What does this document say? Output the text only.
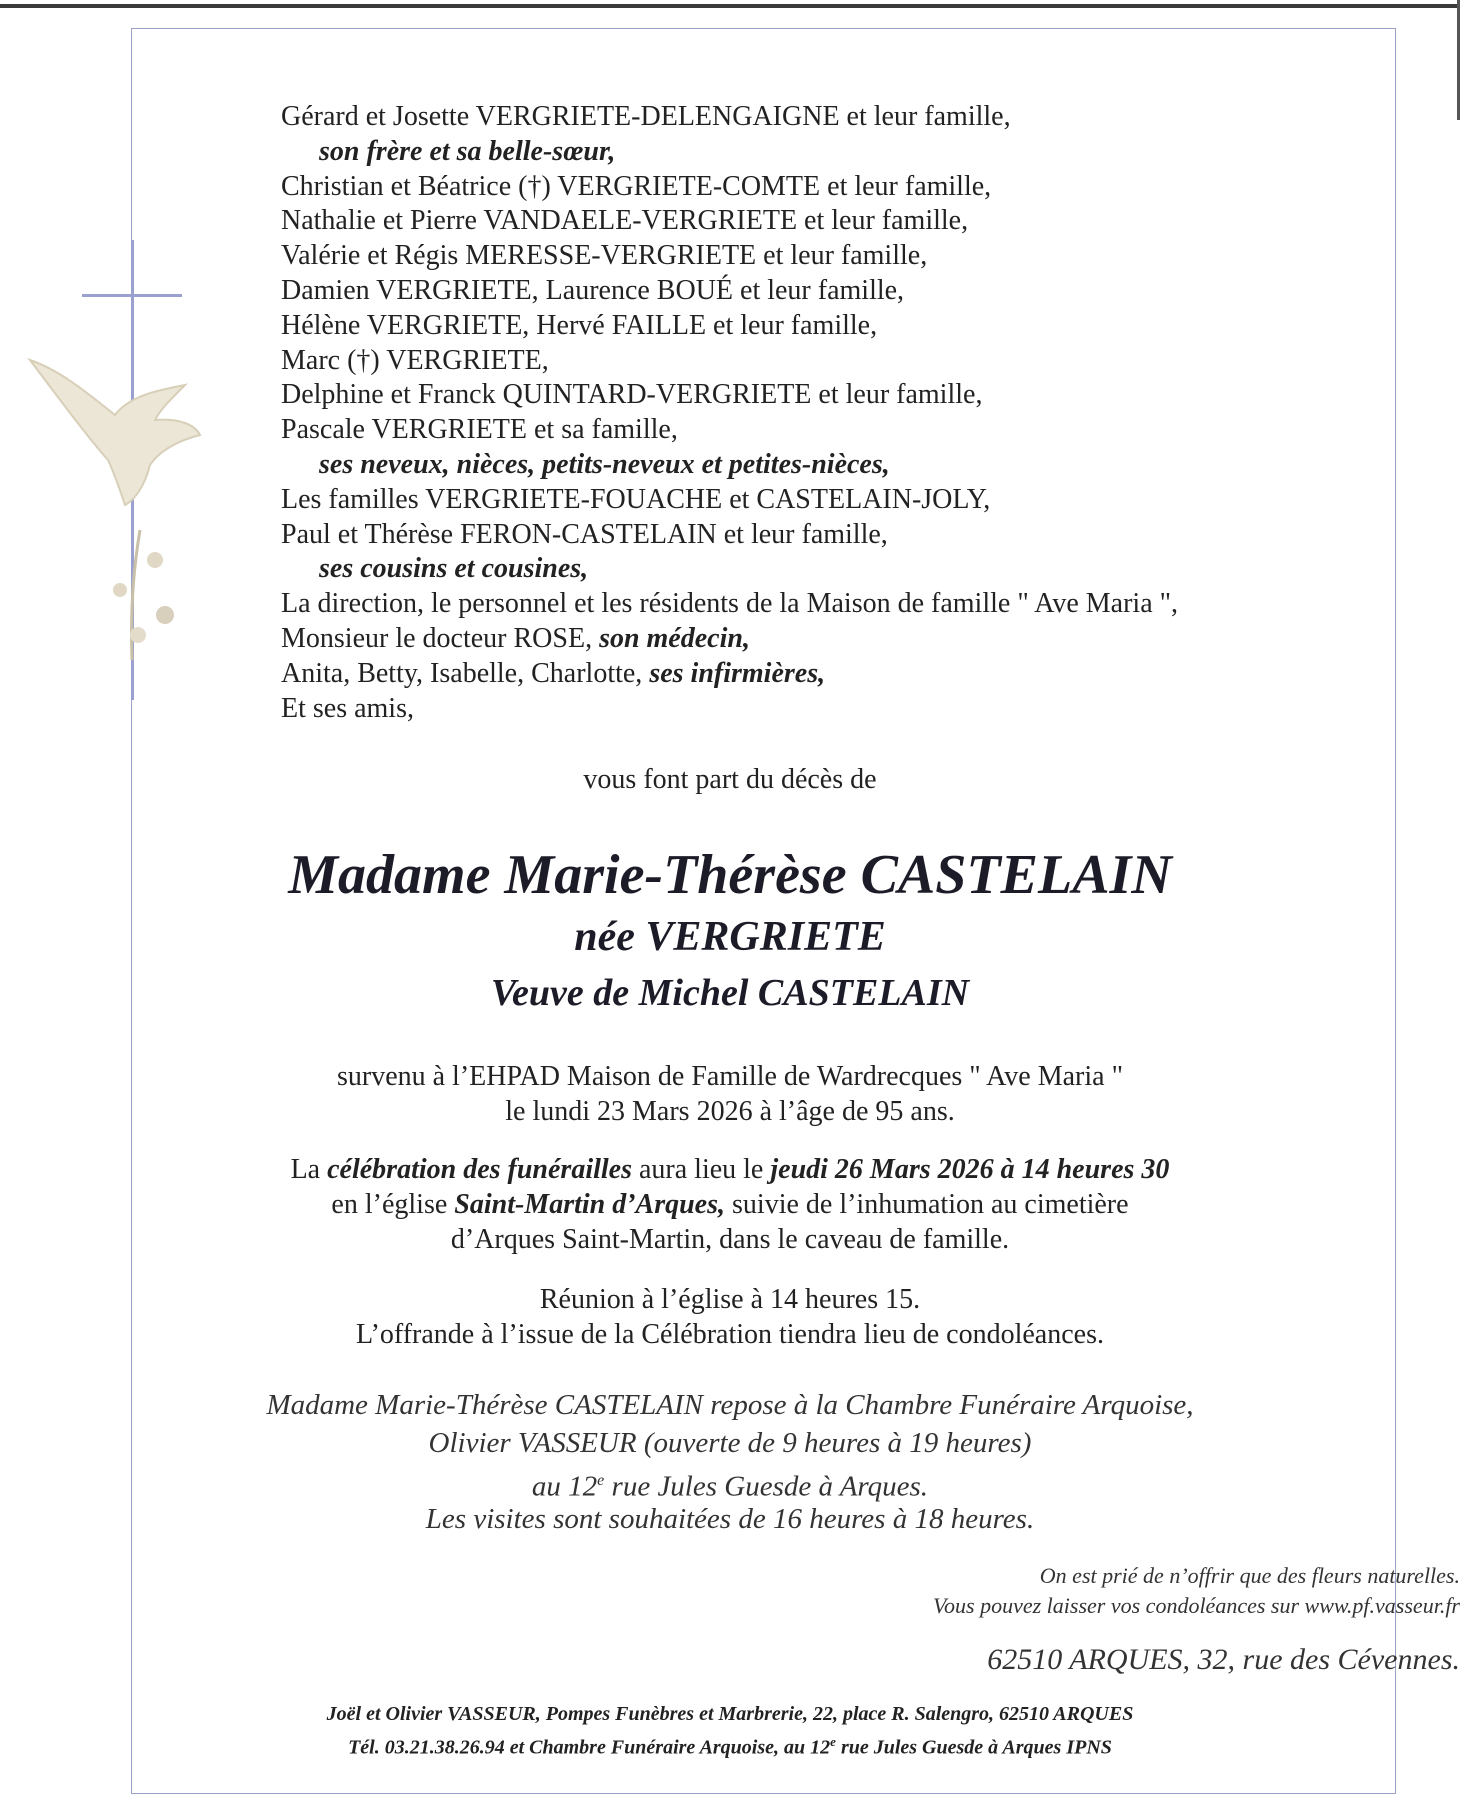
Gérard et Josette VERGRIETE-DELENGAIGNE et leur famille,
son frère et sa belle-sœur,
Christian et Béatrice (†) VERGRIETE-COMTE et leur famille,
Nathalie et Pierre VANDAELE-VERGRIETE et leur famille,
Valérie et Régis MERESSE-VERGRIETE et leur famille,
Damien VERGRIETE, Laurence BOUÉ et leur famille,
Hélène VERGRIETE, Hervé FAILLE et leur famille,
Marc (†) VERGRIETE,
Delphine et Franck QUINTARD-VERGRIETE et leur famille,
Pascale VERGRIETE et sa famille,
ses neveux, nièces, petits-neveux et petites-nièces,
Les familles VERGRIETE-FOUACHE et CASTELAIN-JOLY,
Paul et Thérèse FERON-CASTELAIN et leur famille,
ses cousins et cousines,
La direction, le personnel et les résidents de la Maison de famille " Ave Maria ",
Monsieur le docteur ROSE, son médecin,
Anita, Betty, Isabelle, Charlotte, ses infirmières,
Et ses amis,
vous font part du décès de
Madame Marie-Thérèse CASTELAIN
née VERGRIETE
Veuve de Michel CASTELAIN
survenu à l’EHPAD Maison de Famille de Wardrecques " Ave Maria "
le lundi 23 Mars 2026 à l’âge de 95 ans.
La célébration des funérailles aura lieu le jeudi 26 Mars 2026 à 14 heures 30
en l’église Saint-Martin d’Arques, suivie de l’inhumation au cimetière
d’Arques Saint-Martin, dans le caveau de famille.
Réunion à l’église à 14 heures 15.
L’offrande à l’issue de la Célébration tiendra lieu de condoléances.
Madame Marie-Thérèse CASTELAIN repose à la Chambre Funéraire Arquoise,
Olivier VASSEUR (ouverte de 9 heures à 19 heures)
au 12e rue Jules Guesde à Arques.
Les visites sont souhaitées de 16 heures à 18 heures.
On est prié de n’offrir que des fleurs naturelles.
Vous pouvez laisser vos condoléances sur www.pf.vasseur.fr
62510 ARQUES, 32, rue des Cévennes.
Joël et Olivier VASSEUR, Pompes Funèbres et Marbrerie, 22, place R. Salengro, 62510 ARQUES
Tél. 03.21.38.26.94 et Chambre Funéraire Arquoise, au 12e rue Jules Guesde à Arques IPNS
